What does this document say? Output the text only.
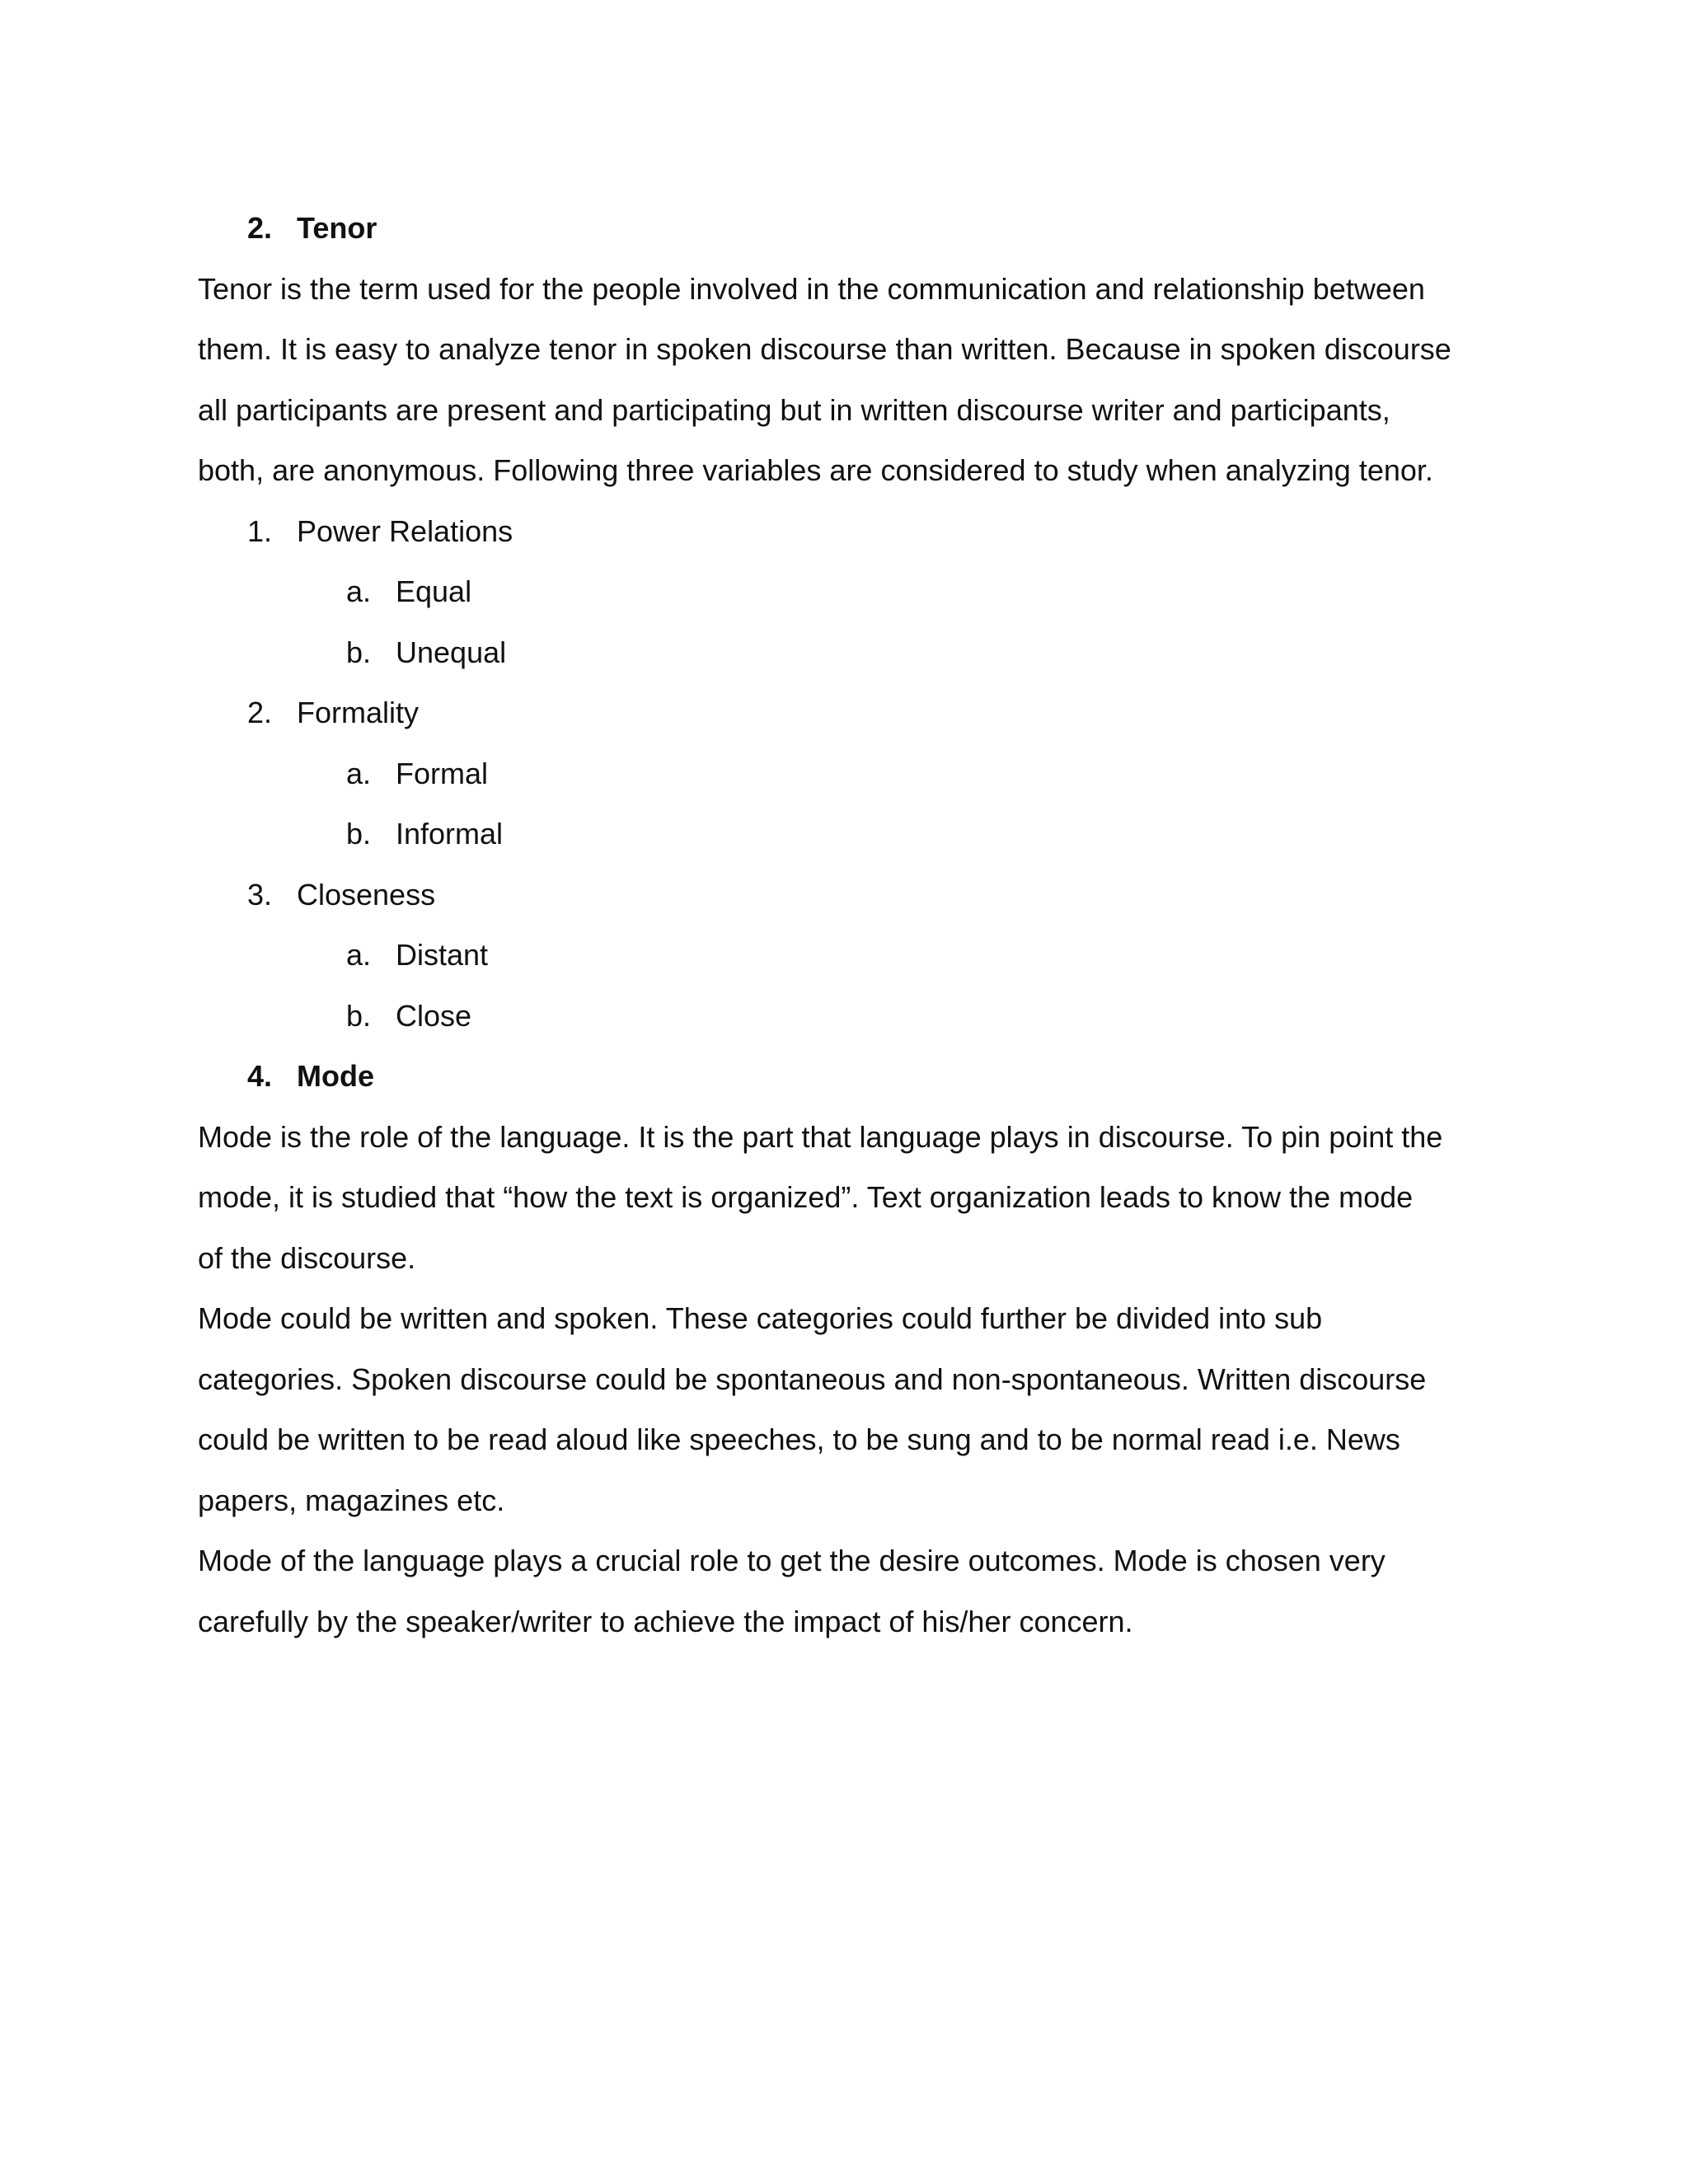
2. Tenor

Tenor is the term used for the people involved in the communication and relationship between

them. It is easy to analyze tenor in spoken discourse than written. Because in spoken discourse

all participants are present and participating but in written discourse writer and participants,

both, are anonymous. Following three variables are considered to study when analyzing tenor.

1. Power Relations
a. Equal
b. Unequal
2. Formality
a. Formal
b. Informal
3. Closeness
a. Distant
b. Close
4. Mode

Mode is the role of the language. It is the part that language plays in discourse. To pin point the

mode, it is studied that “how the text is organized”. Text organization leads to know the mode

of the discourse.

Mode could be written and spoken. These categories could further be divided into sub

categories. Spoken discourse could be spontaneous and non-spontaneous. Written discourse

could be written to be read aloud like speeches, to be sung and to be normal read i.e. News

papers, magazines etc.

Mode of the language plays a crucial role to get the desire outcomes. Mode is chosen very

carefully by the speaker/writer to achieve the impact of his/her concern.
